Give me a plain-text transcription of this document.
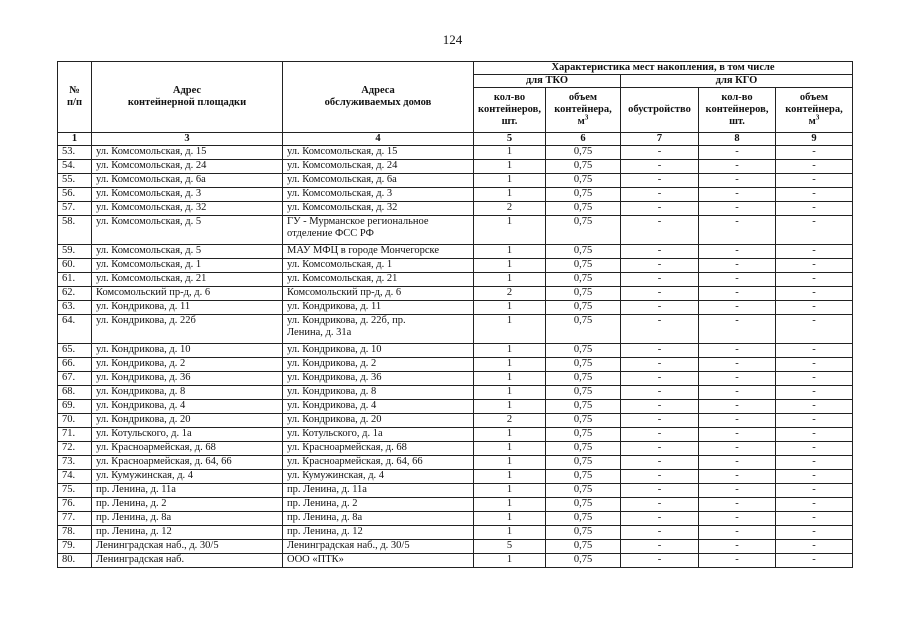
124
№
п/п	Адрес
контейнерной площадки	Адреса
обслуживаемых домов	Характеристика мест накопления, в том числе				
			для ТКО		для КГО		

			кол-во
контейнеров,
шт.	объем
контейнера,
$м^3$	обустройство	кол-во
контейнеров,
шт.	объем
контейнера,
$м^3$

1	3	4	5	6	7	8	9
53.	ул. Комсомольская, д. 15	ул. Комсомольская, д. 15	1	0,75	-	-	-
54.	ул. Комсомольская, д. 24	ул. Комсомольская, д. 24	1	0,75	-	-	-
55.	ул. Комсомольская, д. 6а	ул. Комсомольская, д. 6а	1	0,75	-	-	-
56.	ул. Комсомольская, д. 3	ул. Комсомольская, д. 3	1	0,75	-	-	-
57.	ул. Комсомольская, д. 32	ул. Комсомольская, д. 32	2	0,75	-	-	-
58.	ул. Комсомольская, д. 5	ГУ - Мурманское региональное
отделение ФСС РФ	1	0,75	-	-	-
59.	ул. Комсомольская, д. 5	МАУ МФЦ в городе Мончегорске	1	0,75	-	-	-
60.	ул. Комсомольская, д. 1	ул. Комсомольская, д. 1	1	0,75	-	-	-
61.	ул. Комсомольская, д. 21	ул. Комсомольская, д. 21	1	0,75	-	-	-
62.	Комсомольский пр-д, д. 6	Комсомольский пр-д, д. 6	2	0,75	-	-	-
63.	ул. Кондрикова, д. 11	ул. Кондрикова, д. 11	1	0,75	-	-	-
64.	ул. Кондрикова, д. 22б	ул. Кондрикова, д. 22б, пр.
Ленина, д. 31а	1	0,75	-	-	-
65.	ул. Кондрикова, д. 10	ул. Кондрикова, д. 10	1	0,75	-	-	-
66.	ул. Кондрикова, д. 2	ул. Кондрикова, д. 2	1	0,75	-	-	-
67.	ул. Кондрикова, д. 36	ул. Кондрикова, д. 36	1	0,75	-	-	-
68.	ул. Кондрикова, д. 8	ул. Кондрикова, д. 8	1	0,75	-	-	-
69.	ул. Кондрикова, д. 4	ул. Кондрикова, д. 4	1	0,75	-	-	-
70.	ул. Кондрикова, д. 20	ул. Кондрикова, д. 20	2	0,75	-	-	-
71.	ул. Котульского, д. 1а	ул. Котульского, д. 1а	1	0,75	-	-	-
72.	ул. Красноармейская, д. 68	ул. Красноармейская, д. 68	1	0,75	-	-	-
73.	ул. Красноармейская, д. 64, 66	ул. Красноармейская, д. 64, 66	1	0,75	-	-	-
74.	ул. Кумужинская, д. 4	ул. Кумужинская, д. 4	1	0,75	-	-	-
75.	пр. Ленина, д. 11а	пр. Ленина, д. 11а	1	0,75	-	-	-
76.	пр. Ленина, д. 2	пр. Ленина, д. 2	1	0,75	-	-	-
77.	пр. Ленина, д. 8а	пр. Ленина, д. 8а	1	0,75	-	-	-
78.	пр. Ленина, д. 12	пр. Ленина, д. 12	1	0,75	-	-	-
79.	Ленинградская наб., д. 30/5	Ленинградская наб., д. 30/5	5	0,75	-	-	-
80.	Ленинградская наб.	ООО «ПТК»	1	0,75	-	-	-
